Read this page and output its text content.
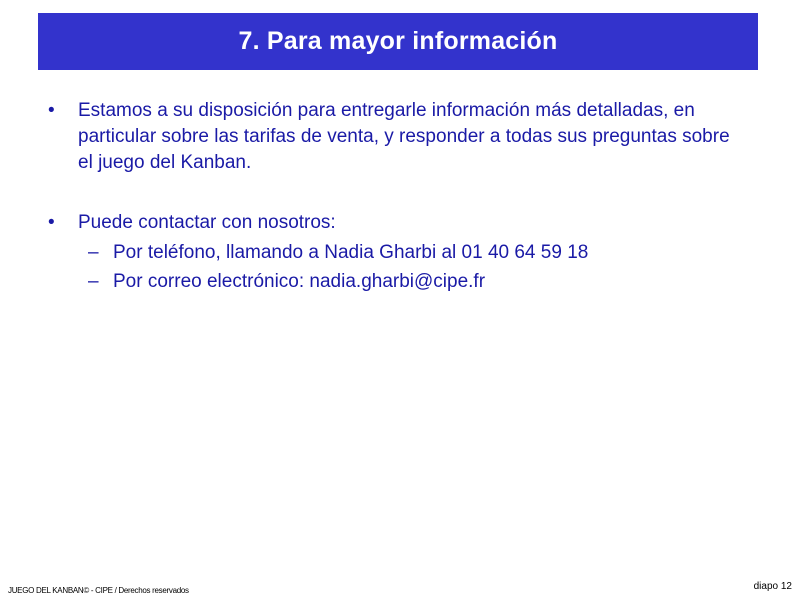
7. Para mayor información
• Estamos a su disposición para entregarle información más detalladas, en particular sobre las tarifas de venta, y responder a todas sus preguntas sobre el juego del Kanban.
• Puede contactar con nosotros:
– Por teléfono, llamando a Nadia Gharbi al 01 40 64 59 18
– Por correo electrónico: nadia.gharbi@cipe.fr
JUEGO DEL KANBAN© - CIPE / Derechos reservados	diapo 12
